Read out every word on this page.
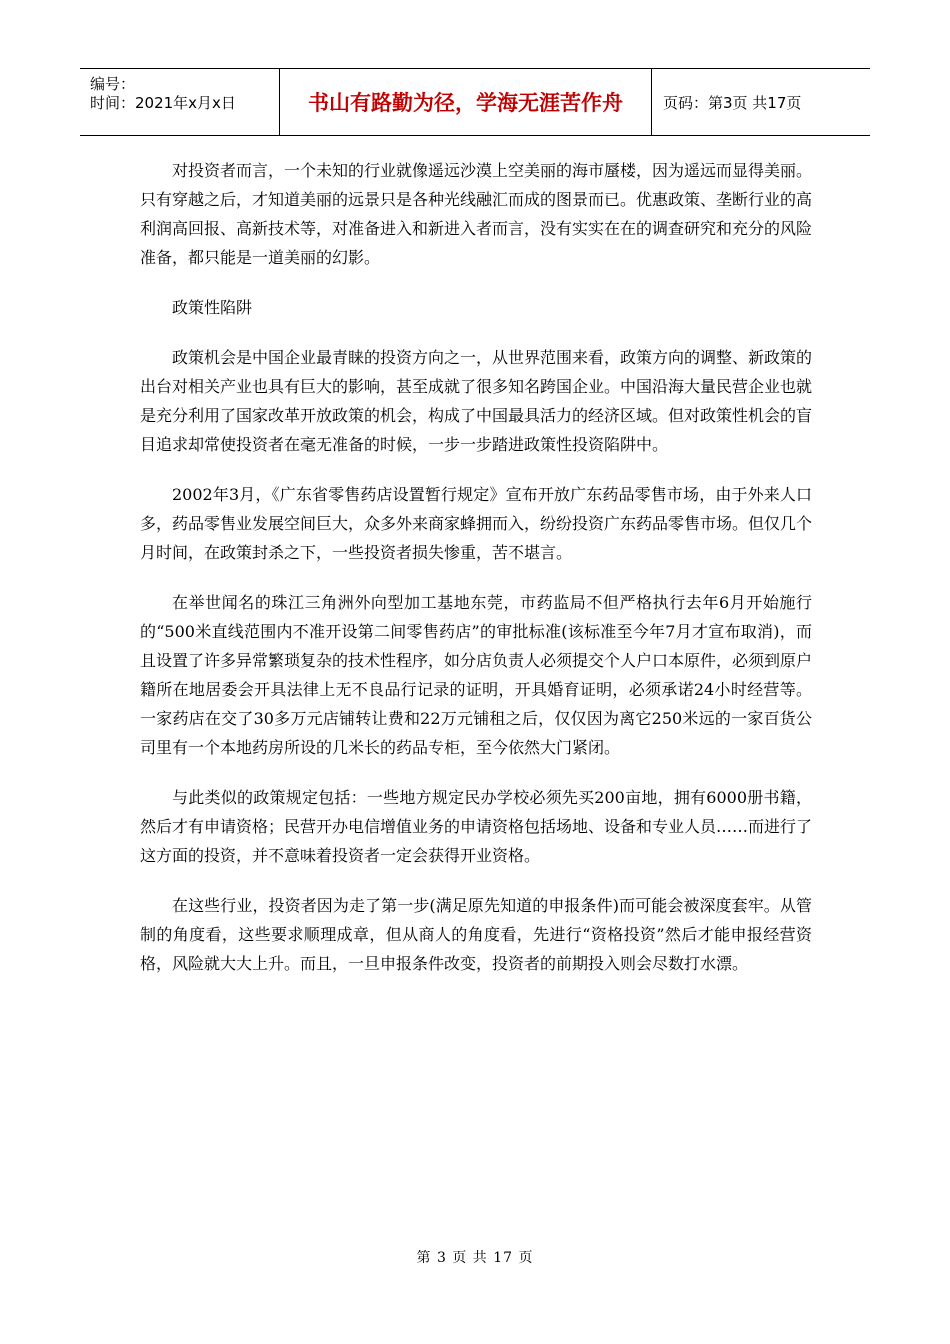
编号：
时间：2021年x月x日	书山有路勤为径，学海无涯苦作舟	页码：第3页 共17页

对投资者而言，一个未知的行业就像遥远沙漠上空美丽的海市蜃楼，因为遥远而显得美丽。只有穿越之后，才知道美丽的远景只是各种光线融汇而成的图景而已。优惠政策、垄断行业的高利润高回报、高新技术等，对准备进入和新进入者而言，没有实实在在的调查研究和充分的风险准备，都只能是一道美丽的幻影。

政策性陷阱

政策机会是中国企业最青睐的投资方向之一，从世界范围来看，政策方向的调整、新政策的出台对相关产业也具有巨大的影响，甚至成就了很多知名跨国企业。中国沿海大量民营企业也就是充分利用了国家改革开放政策的机会，构成了中国最具活力的经济区域。但对政策性机会的盲目追求却常使投资者在毫无准备的时候，一步一步踏进政策性投资陷阱中。

2002年3月，《广东省零售药店设置暂行规定》宣布开放广东药品零售市场，由于外来人口多，药品零售业发展空间巨大，众多外来商家蜂拥而入，纷纷投资广东药品零售市场。但仅几个月时间，在政策封杀之下，一些投资者损失惨重，苦不堪言。

在举世闻名的珠江三角洲外向型加工基地东莞，市药监局不但严格执行去年6月开始施行的“500米直线范围内不准开设第二间零售药店”的审批标准(该标准至今年7月才宣布取消)，而且设置了许多异常繁琐复杂的技术性程序，如分店负责人必须提交个人户口本原件，必须到原户籍所在地居委会开具法律上无不良品行记录的证明，开具婚育证明，必须承诺24小时经营等。一家药店在交了30多万元店铺转让费和22万元铺租之后，仅仅因为离它250米远的一家百货公司里有一个本地药房所设的几米长的药品专柜，至今依然大门紧闭。

与此类似的政策规定包括：一些地方规定民办学校必须先买200亩地，拥有6000册书籍，然后才有申请资格；民营开办电信增值业务的申请资格包括场地、设备和专业人员……而进行了这方面的投资，并不意味着投资者一定会获得开业资格。

在这些行业，投资者因为走了第一步(满足原先知道的申报条件)而可能会被深度套牢。从管制的角度看，这些要求顺理成章，但从商人的角度看，先进行“资格投资”然后才能申报经营资格，风险就大大上升。而且，一旦申报条件改变，投资者的前期投入则会尽数打水漂。

第 3 页 共 17 页
